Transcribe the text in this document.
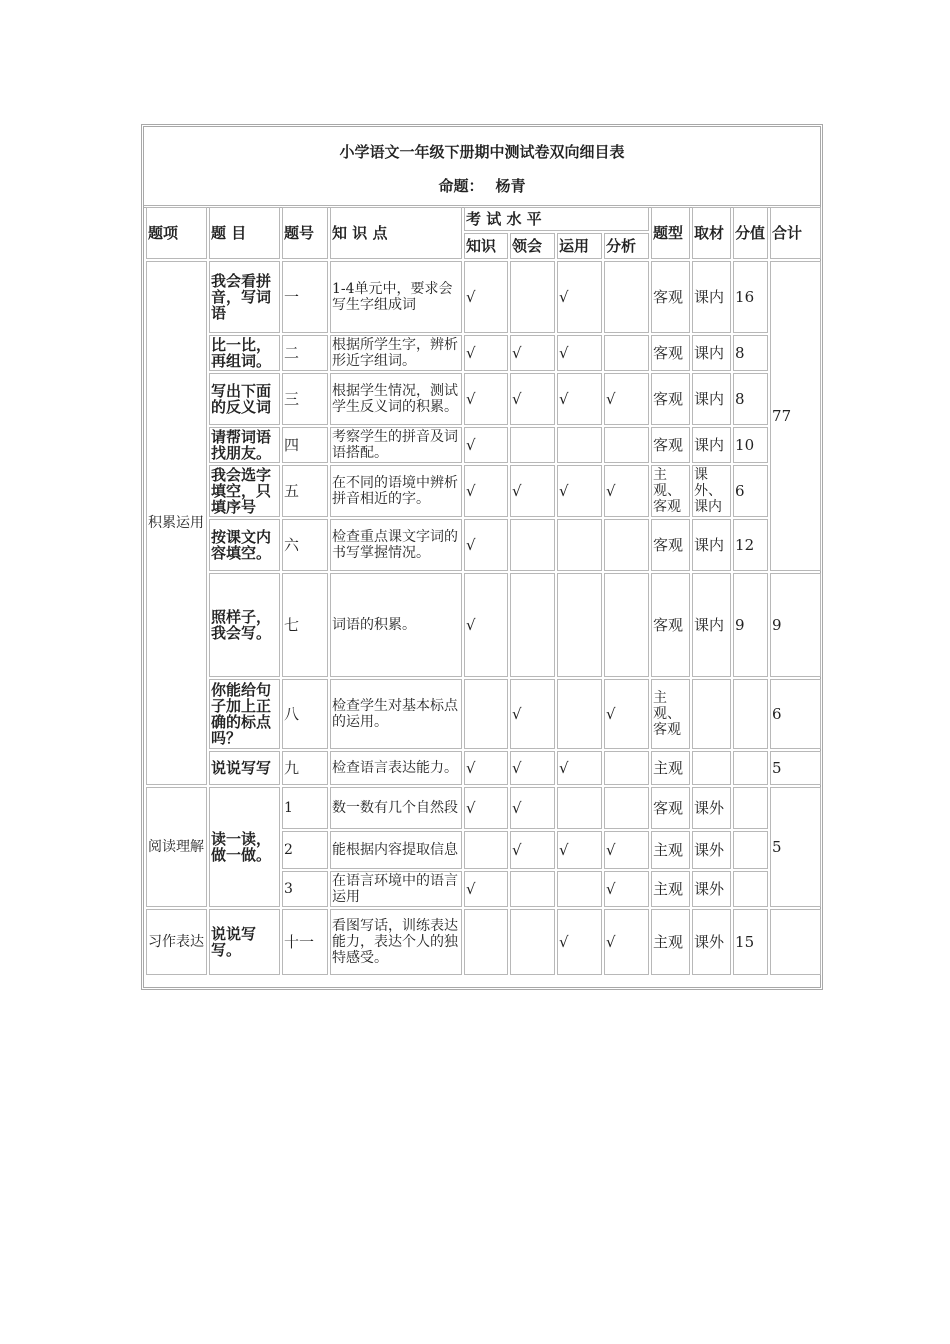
小学语文一年级下册期中测试卷双向细目表
命题： 杨青
题项	题 目	题号	知 识 点	考 试 水 平				题型	取材	分值	合计
				知识	领会	运用	分析				
积累运用	我会看拼音，写词语	一	1-4单元中，要求会写生字组成词	√		√		客观	课内	16	77
	比一比，再组词。	二	根据所学生字，辨析形近字组词。	√	√	√		客观	课内	8	
	写出下面的反义词	三	根据学生情况，测试学生反义词的积累。	√	√	√	√	客观	课内	8	
	请帮词语找朋友。	四	考察学生的拼音及词语搭配。	√				客观	课内	10	
	我会选字填空，只填序号	五	在不同的语境中辨析拼音相近的字。	√	√	√	√	主观、客观	课外、课内	6	
	按课文内容填空。	六	检查重点课文字词的书写掌握情况。	√				客观	课内	12	
	照样子，我会写。	七	词语的积累。	√				客观	课内	9	9
	你能给句子加上正确的标点吗？	八	检查学生对基本标点的运用。		√		√	主观、客观			6
	说说写写	九	检查语言表达能力。	√	√	√		主观			5
阅读理解	读一读，做一做。	1	数一数有几个自然段	√	√			客观	课外		5
		2	能根据内容提取信息		√	√	√	主观	课外		
		3	在语言环境中的语言运用	√			√	主观	课外		
习作表达	说说写写。	十一	看图写话，训练表达能力，表达个人的独特感受。			√	√	主观	课外	15	
